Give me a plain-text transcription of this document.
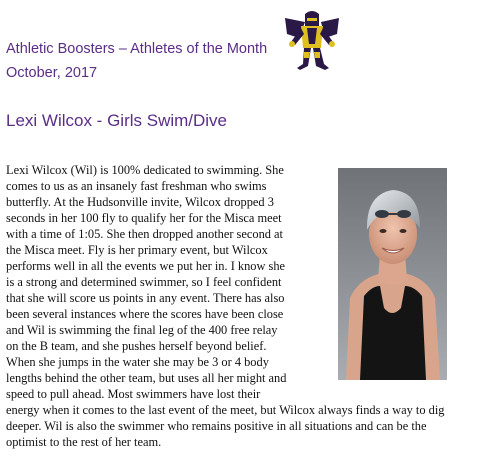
Athletic Boosters – Athletes of the Month
October, 2017
Lexi Wilcox - Girls Swim/Dive
Lexi Wilcox (Wil) is 100% dedicated to swimming. She
comes to us as an insanely fast freshman who swims
butterfly. At the Hudsonville invite, Wilcox dropped 3
seconds in her 100 fly to qualify her for the Misca meet
with a time of 1:05. She then dropped another second at
the Misca meet. Fly is her primary event, but Wilcox
performs well in all the events we put her in. I know she
is a strong and determined swimmer, so I feel confident
that she will score us points in any event. There has also
been several instances where the scores have been close
and Wil is swimming the final leg of the 400 free relay
on the B team, and she pushes herself beyond belief.
When she jumps in the water she may be 3 or 4 body
lengths behind the other team, but uses all her might and
speed to pull ahead. Most swimmers have lost their
energy when it comes to the last event of the meet, but Wilcox always finds a way to dig
deeper. Wil is also the swimmer who remains positive in all situations and can be the
optimist to the rest of her team.
